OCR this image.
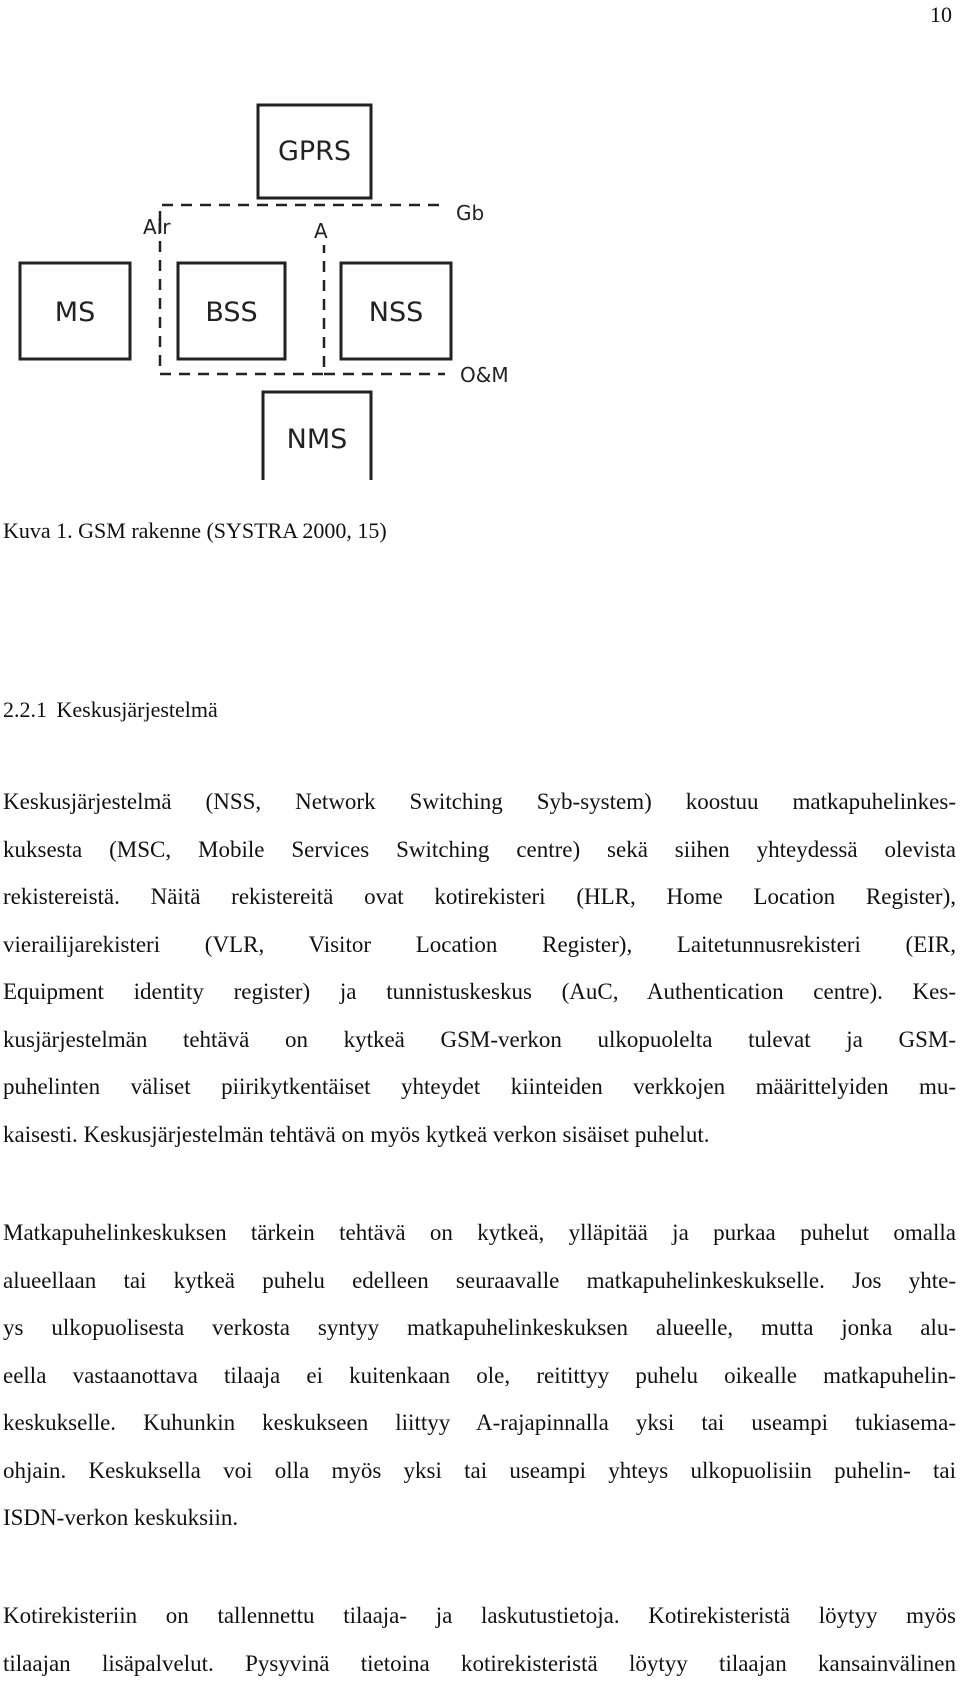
10
GPRS
MS	BSS	NSS
NMS
Air	A
Gb
O&M
Kuva 1. GSM rakenne (SYSTRA 2000, 15)
2.2.1 Keskusjärjestelmä
Keskusjärjestelmä (NSS, Network Switching Syb-system) koostuu matkapuhelinkes-
kuksesta (MSC, Mobile Services Switching centre) sekä siihen yhteydessä olevista
rekistereistä. Näitä rekistereitä ovat kotirekisteri (HLR, Home Location Register),
vierailijarekisteri (VLR, Visitor Location Register), Laitetunnusrekisteri (EIR,
Equipment identity register) ja tunnistuskeskus (AuC, Authentication centre). Kes-
kusjärjestelmän tehtävä on kytkeä GSM-verkon ulkopuolelta tulevat ja GSM-
puhelinten väliset piirikytkentäiset yhteydet kiinteiden verkkojen määrittelyiden mu-
kaisesti. Keskusjärjestelmän tehtävä on myös kytkeä verkon sisäiset puhelut.
Matkapuhelinkeskuksen tärkein tehtävä on kytkeä, ylläpitää ja purkaa puhelut omalla
alueellaan tai kytkeä puhelu edelleen seuraavalle matkapuhelinkeskukselle. Jos yhte-
ys ulkopuolisesta verkosta syntyy matkapuhelinkeskuksen alueelle, mutta jonka alu-
eella vastaanottava tilaaja ei kuitenkaan ole, reitittyy puhelu oikealle matkapuhelin-
keskukselle. Kuhunkin keskukseen liittyy A-rajapinnalla yksi tai useampi tukiasema-
ohjain. Keskuksella voi olla myös yksi tai useampi yhteys ulkopuolisiin puhelin- tai
ISDN-verkon keskuksiin.
Kotirekisteriin on tallennettu tilaaja- ja laskutustietoja. Kotirekisteristä löytyy myös
tilaajan lisäpalvelut. Pysyvinä tietoina kotirekisteristä löytyy tilaajan kansainvälinen
